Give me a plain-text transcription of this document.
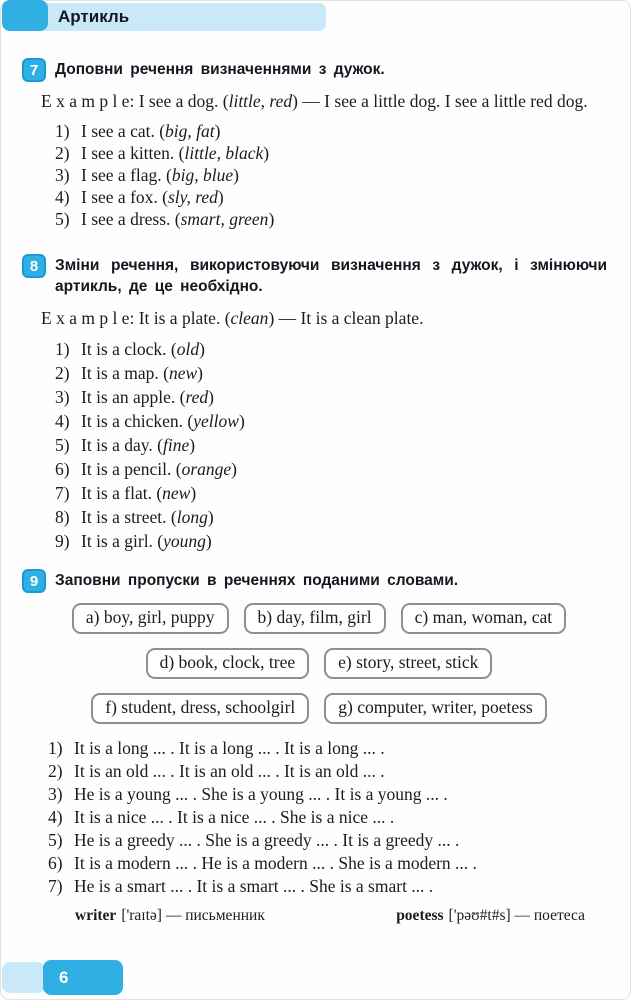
Артикль
7	Доповни речення визначеннями з дужок.

E x a m p l e: I see a dog. (little, red) — I see a little dog. I see a little red dog.

1) I see a cat. (big, fat)
2) I see a kitten. (little, black)
3) I see a flag. (big, blue)
4) I see a fox. (sly, red)
5) I see a dress. (smart, green)
8	Зміни речення, використовуючи визначення з дужок, і змінюючи артикль, де це необхідно.

E x a m p l e: It is a plate. (clean) — It is a clean plate.

1) It is a clock. (old)
2) It is a map. (new)
3) It is an apple. (red)
4) It is a chicken. (yellow)
5) It is a day. (fine)
6) It is a pencil. (orange)
7) It is a flat. (new)
8) It is a street. (long)
9) It is a girl. (young)
9	Заповни пропуски в реченнях поданими словами.

a) boy, girl, puppy	b) day, film, girl	c) man, woman, cat
d) book, clock, tree	e) story, street, stick
f) student, dress, schoolgirl	g) computer, writer, poetess
1) It is a long ... . It is a long ... . It is a long ... .
2) It is an old ... . It is an old ... . It is an old ... .
3) He is a young ... . She is a young ... . It is a young ... .
4) It is a nice ... . It is a nice ... . She is a nice ... .
5) He is a greedy ... . She is a greedy ... . It is a greedy ... .
6) It is a modern ... . He is a modern ... . She is a modern ... .
7) He is a smart ... . It is a smart ... . She is a smart ... .
writer ['raɪtə] — письменник	poetess ['pəʊ#t#s] — поетеса
6
